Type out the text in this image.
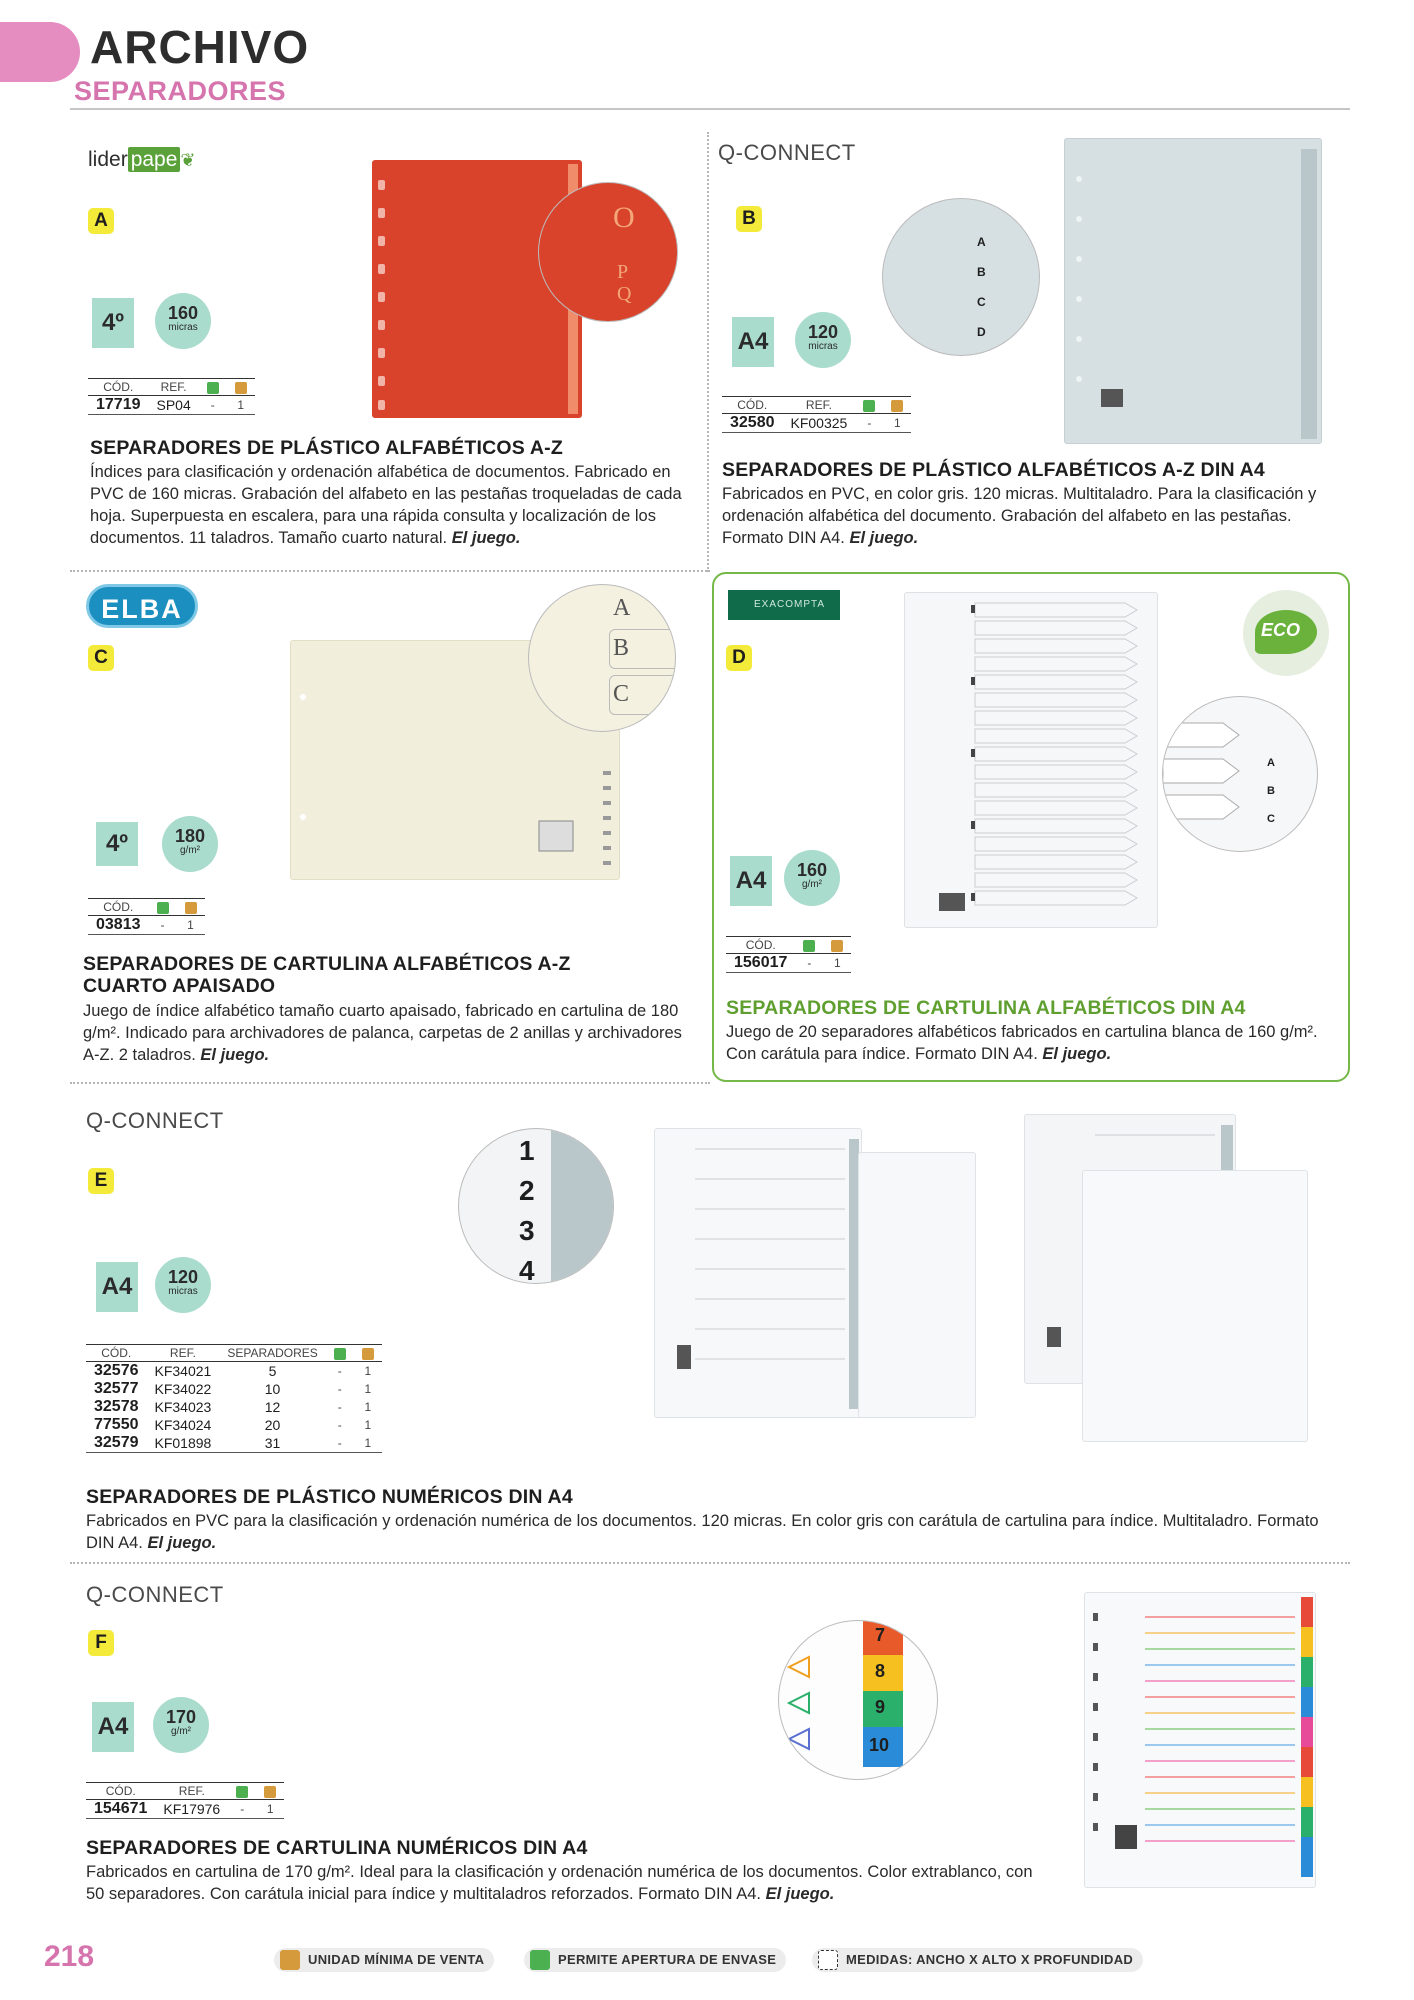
ARCHIVO
SEPARADORES
lider pape ❦
A
4º	160
micras
CÓD.	REF.		
17719	SP04	-	1
O
P
Q
SEPARADORES DE PLÁSTICO ALFABÉTICOS A-Z
Índices para clasificación y ordenación alfabética de documentos. Fabricado en PVC de 160 micras. Grabación del alfabeto en las pestañas troqueladas de cada hoja. Superpuesta en escalera, para una rápida consulta y localización de los documentos. 11 taladros. Tamaño cuarto natural. El juego.
Q-CONNECT
B
A4	120
micras
CÓD.	REF.		
32580	KF00325	-	1
A
B
C
D
SEPARADORES DE PLÁSTICO ALFABÉTICOS A-Z DIN A4
Fabricados en PVC, en color gris. 120 micras. Multitaladro. Para la clasificación y ordenación alfabética del documento. Grabación del alfabeto en las pestañas. Formato DIN A4. El juego.
ELBA
C
4º	180
g/m²
CÓD.		
03813	-	1
A
B
C
SEPARADORES DE CARTULINA ALFABÉTICOS A-Z
CUARTO APAISADO
Juego de índice alfabético tamaño cuarto apaisado, fabricado en cartulina de 180 g/m². Indicado para archivadores de palanca, carpetas de 2 anillas y archivadores A-Z. 2 taladros. El juego.
EXACOMPTA
D
ECO
A4	160
g/m²
CÓD.		
156017	-	1
A
B
C
SEPARADORES DE CARTULINA ALFABÉTICOS DIN A4
Juego de 20 separadores alfabéticos fabricados en cartulina blanca de 160 g/m². Con carátula para índice. Formato DIN A4. El juego.
Q-CONNECT
E
A4	120
micras
CÓD.	REF.	SEPARADORES		
32576	KF34021	5	-	1
32577	KF34022	10	-	1
32578	KF34023	12	-	1
77550	KF34024	20	-	1
32579	KF01898	31	-	1
1
2
3
4
SEPARADORES DE PLÁSTICO NUMÉRICOS DIN A4
Fabricados en PVC para la clasificación y ordenación numérica de los documentos. 120 micras. En color gris con carátula de cartulina para índice. Multitaladro. Formato DIN A4. El juego.
Q-CONNECT
F
A4	170
g/m²
CÓD.	REF.		
154671	KF17976	-	1
7
8
9
10
SEPARADORES DE CARTULINA NUMÉRICOS DIN A4
Fabricados en cartulina de 170 g/m². Ideal para la clasificación y ordenación numérica de los documentos. Color extrablanco, con 50 separadores. Con carátula inicial para índice y multitaladros reforzados. Formato DIN A4. El juego.
218	UNIDAD MÍNIMA DE VENTA	PERMITE APERTURA DE ENVASE	MEDIDAS: ANCHO X ALTO X PROFUNDIDAD
